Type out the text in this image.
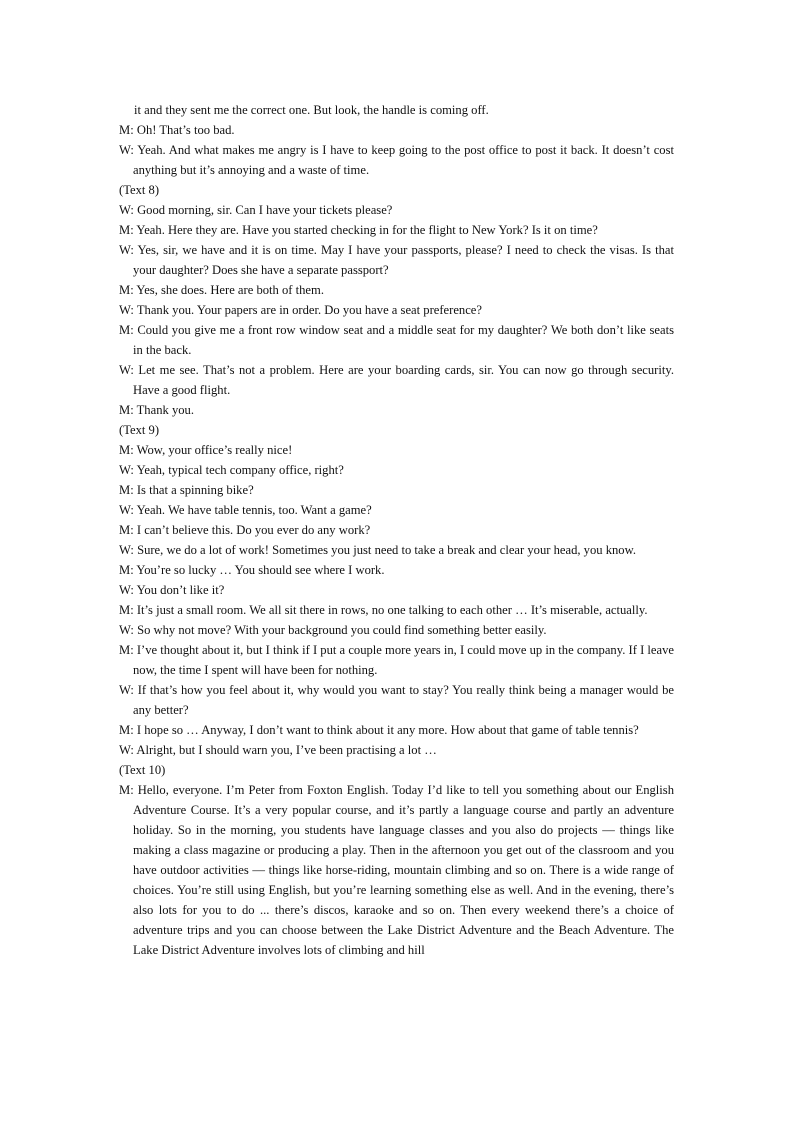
it and they sent me the correct one. But look, the handle is coming off.
M: Oh! That’s too bad.
W: Yeah. And what makes me angry is I have to keep going to the post office to post it back. It doesn’t cost anything but it’s annoying and a waste of time.
(Text 8)
W: Good morning, sir. Can I have your tickets please?
M: Yeah. Here they are. Have you started checking in for the flight to New York? Is it on time?
W: Yes, sir, we have and it is on time. May I have your passports, please? I need to check the visas. Is that your daughter? Does she have a separate passport?
M: Yes, she does. Here are both of them.
W: Thank you. Your papers are in order. Do you have a seat preference?
M: Could you give me a front row window seat and a middle seat for my daughter? We both don’t like seats in the back.
W: Let me see. That’s not a problem. Here are your boarding cards, sir. You can now go through security. Have a good flight.
M: Thank you.
(Text 9)
M: Wow, your office’s really nice!
W: Yeah, typical tech company office, right?
M: Is that a spinning bike?
W: Yeah. We have table tennis, too. Want a game?
M: I can’t believe this. Do you ever do any work?
W: Sure, we do a lot of work! Sometimes you just need to take a break and clear your head, you know.
M: You’re so lucky … You should see where I work.
W: You don’t like it?
M: It’s just a small room. We all sit there in rows, no one talking to each other … It’s miserable, actually.
W: So why not move? With your background you could find something better easily.
M: I’ve thought about it, but I think if I put a couple more years in, I could move up in the company. If I leave now, the time I spent will have been for nothing.
W: If that’s how you feel about it, why would you want to stay? You really think being a manager would be any better?
M: I hope so … Anyway, I don’t want to think about it any more. How about that game of table tennis?
W: Alright, but I should warn you, I’ve been practising a lot …
(Text 10)
M: Hello, everyone. I’m Peter from Foxton English. Today I’d like to tell you something about our English Adventure Course. It’s a very popular course, and it’s partly a language course and partly an adventure holiday. So in the morning, you students have language classes and you also do projects — things like making a class magazine or producing a play. Then in the afternoon you get out of the classroom and you have outdoor activities — things like horse-riding, mountain climbing and so on. There is a wide range of choices. You’re still using English, but you’re learning something else as well. And in the evening, there’s also lots for you to do ... there’s discos, karaoke and so on. Then every weekend there’s a choice of adventure trips and you can choose between the Lake District Adventure and the Beach Adventure. The Lake District Adventure involves lots of climbing and hill
